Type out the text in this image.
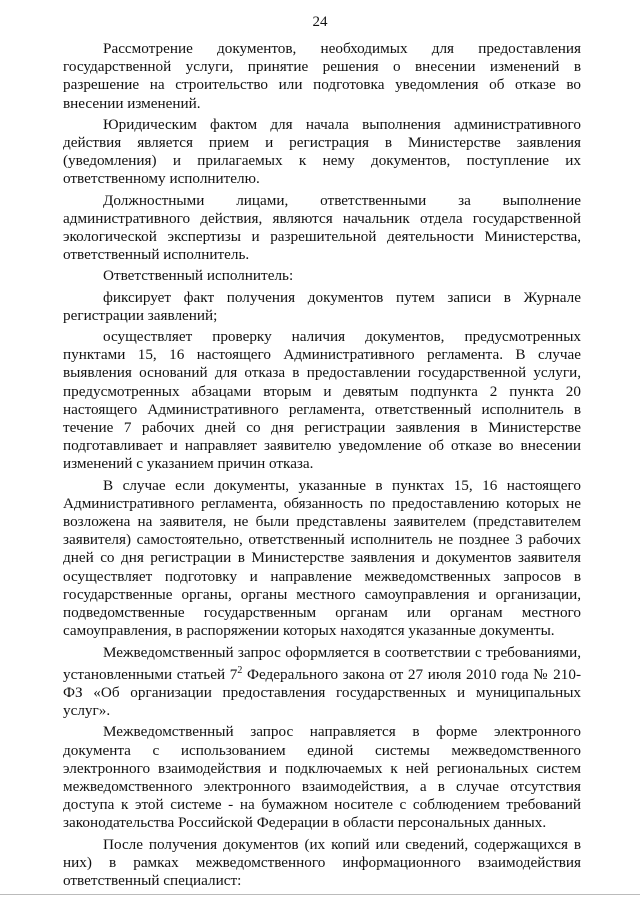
24

Рассмотрение документов, необходимых для предоставления государственной услуги, принятие решения о внесении изменений в разрешение на строительство или подготовка уведомления об отказе во внесении изменений.

Юридическим фактом для начала выполнения административного действия является прием и регистрация в Министерстве заявления (уведомления) и прилагаемых к нему документов, поступление их ответственному исполнителю.

Должностными лицами, ответственными за выполнение административного действия, являются начальник отдела государственной экологической экспертизы и разрешительной деятельности Министерства, ответственный исполнитель.

Ответственный исполнитель:

фиксирует факт получения документов путем записи в Журнале регистрации заявлений;

осуществляет проверку наличия документов, предусмотренных пунктами 15, 16 настоящего Административного регламента. В случае выявления оснований для отказа в предоставлении государственной услуги, предусмотренных абзацами вторым и девятым подпункта 2 пункта 20 настоящего Административного регламента, ответственный исполнитель в течение 7 рабочих дней со дня регистрации заявления в Министерстве подготавливает и направляет заявителю уведомление об отказе во внесении изменений с указанием причин отказа.

В случае если документы, указанные в пунктах 15, 16 настоящего Административного регламента, обязанность по предоставлению которых не возложена на заявителя, не были представлены заявителем (представителем заявителя) самостоятельно, ответственный исполнитель не позднее 3 рабочих дней со дня регистрации в Министерстве заявления и документов заявителя осуществляет подготовку и направление межведомственных запросов в государственные органы, органы местного самоуправления и организации, подведомственные государственным органам или органам местного самоуправления, в распоряжении которых находятся указанные документы.

Межведомственный запрос оформляется в соответствии с требованиями, установленными статьей $7^2$ Федерального закона от 27 июля 2010 года № 210-ФЗ «Об организации предоставления государственных и муниципальных услуг».

Межведомственный запрос направляется в форме электронного документа с использованием единой системы межведомственного электронного взаимодействия и подключаемых к ней региональных систем межведомственного электронного взаимодействия, а в случае отсутствия доступа к этой системе - на бумажном носителе с соблюдением требований законодательства Российской Федерации в области персональных данных.

После получения документов (их копий или сведений, содержащихся в них) в рамках межведомственного информационного взаимодействия ответственный специалист:
